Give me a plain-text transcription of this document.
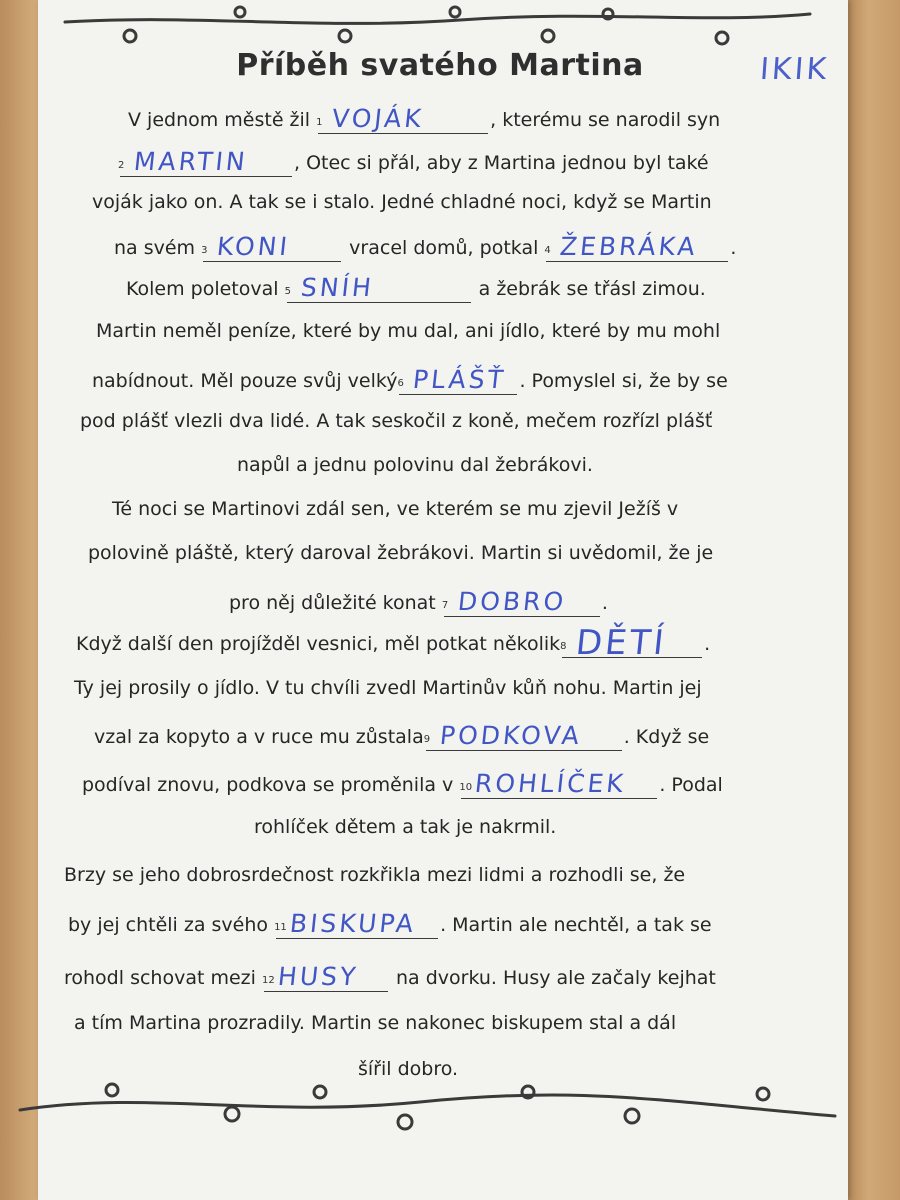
Příběh svatého Martina	IKIK
V jednom městě žil 1 VOJÁK	, kterému se narodil syn
2 MARTIN , Otec si přál, aby z Martina jednou byl také
voják jako on. A tak se i stalo. Jedné chladné noci, když se Martin
na svém 3 KONI	vracel domů, potkal 4 ŽEBRÁKA .
Kolem poletoval 5 SNÍH	a žebrák se třásl zimou.
Martin neměl peníze, které by mu dal, ani jídlo, které by mu mohl
nabídnout. Měl pouze svůj velký 6 PLÁŠŤ . Pomyslel si, že by se
pod plášť vlezli dva lidé. A tak seskočil z koně, mečem rozřízl plášť
napůl a jednu polovinu dal žebrákovi.
Té noci se Martinovi zdál sen, ve kterém se mu zjevil Ježíš v
polovině pláště, který daroval žebrákovi. Martin si uvědomil, že je
pro něj důležité konat 7 DOBRO .
Když další den projížděl vesnici, měl potkat několik 8 DĚTÍ .
Ty jej prosily o jídlo. V tu chvíli zvedl Martinův kůň nohu. Martin jej
vzal za kopyto a v ruce mu zůstala 9 PODKOVA . Když se
podíval znovu, podkova se proměnila v 10 ROHLÍČEK . Podal
rohlíček dětem a tak je nakrmil.
Brzy se jeho dobrosrdečnost rozkřikla mezi lidmi a rozhodli se, že
by jej chtěli za svého 11 BISKUPA . Martin ale nechtěl, a tak se
rohodl schovat mezi 12 HUSY na dvorku. Husy ale začaly kejhat
a tím Martina prozradily. Martin se nakonec biskupem stal a dál
šířil dobro.
